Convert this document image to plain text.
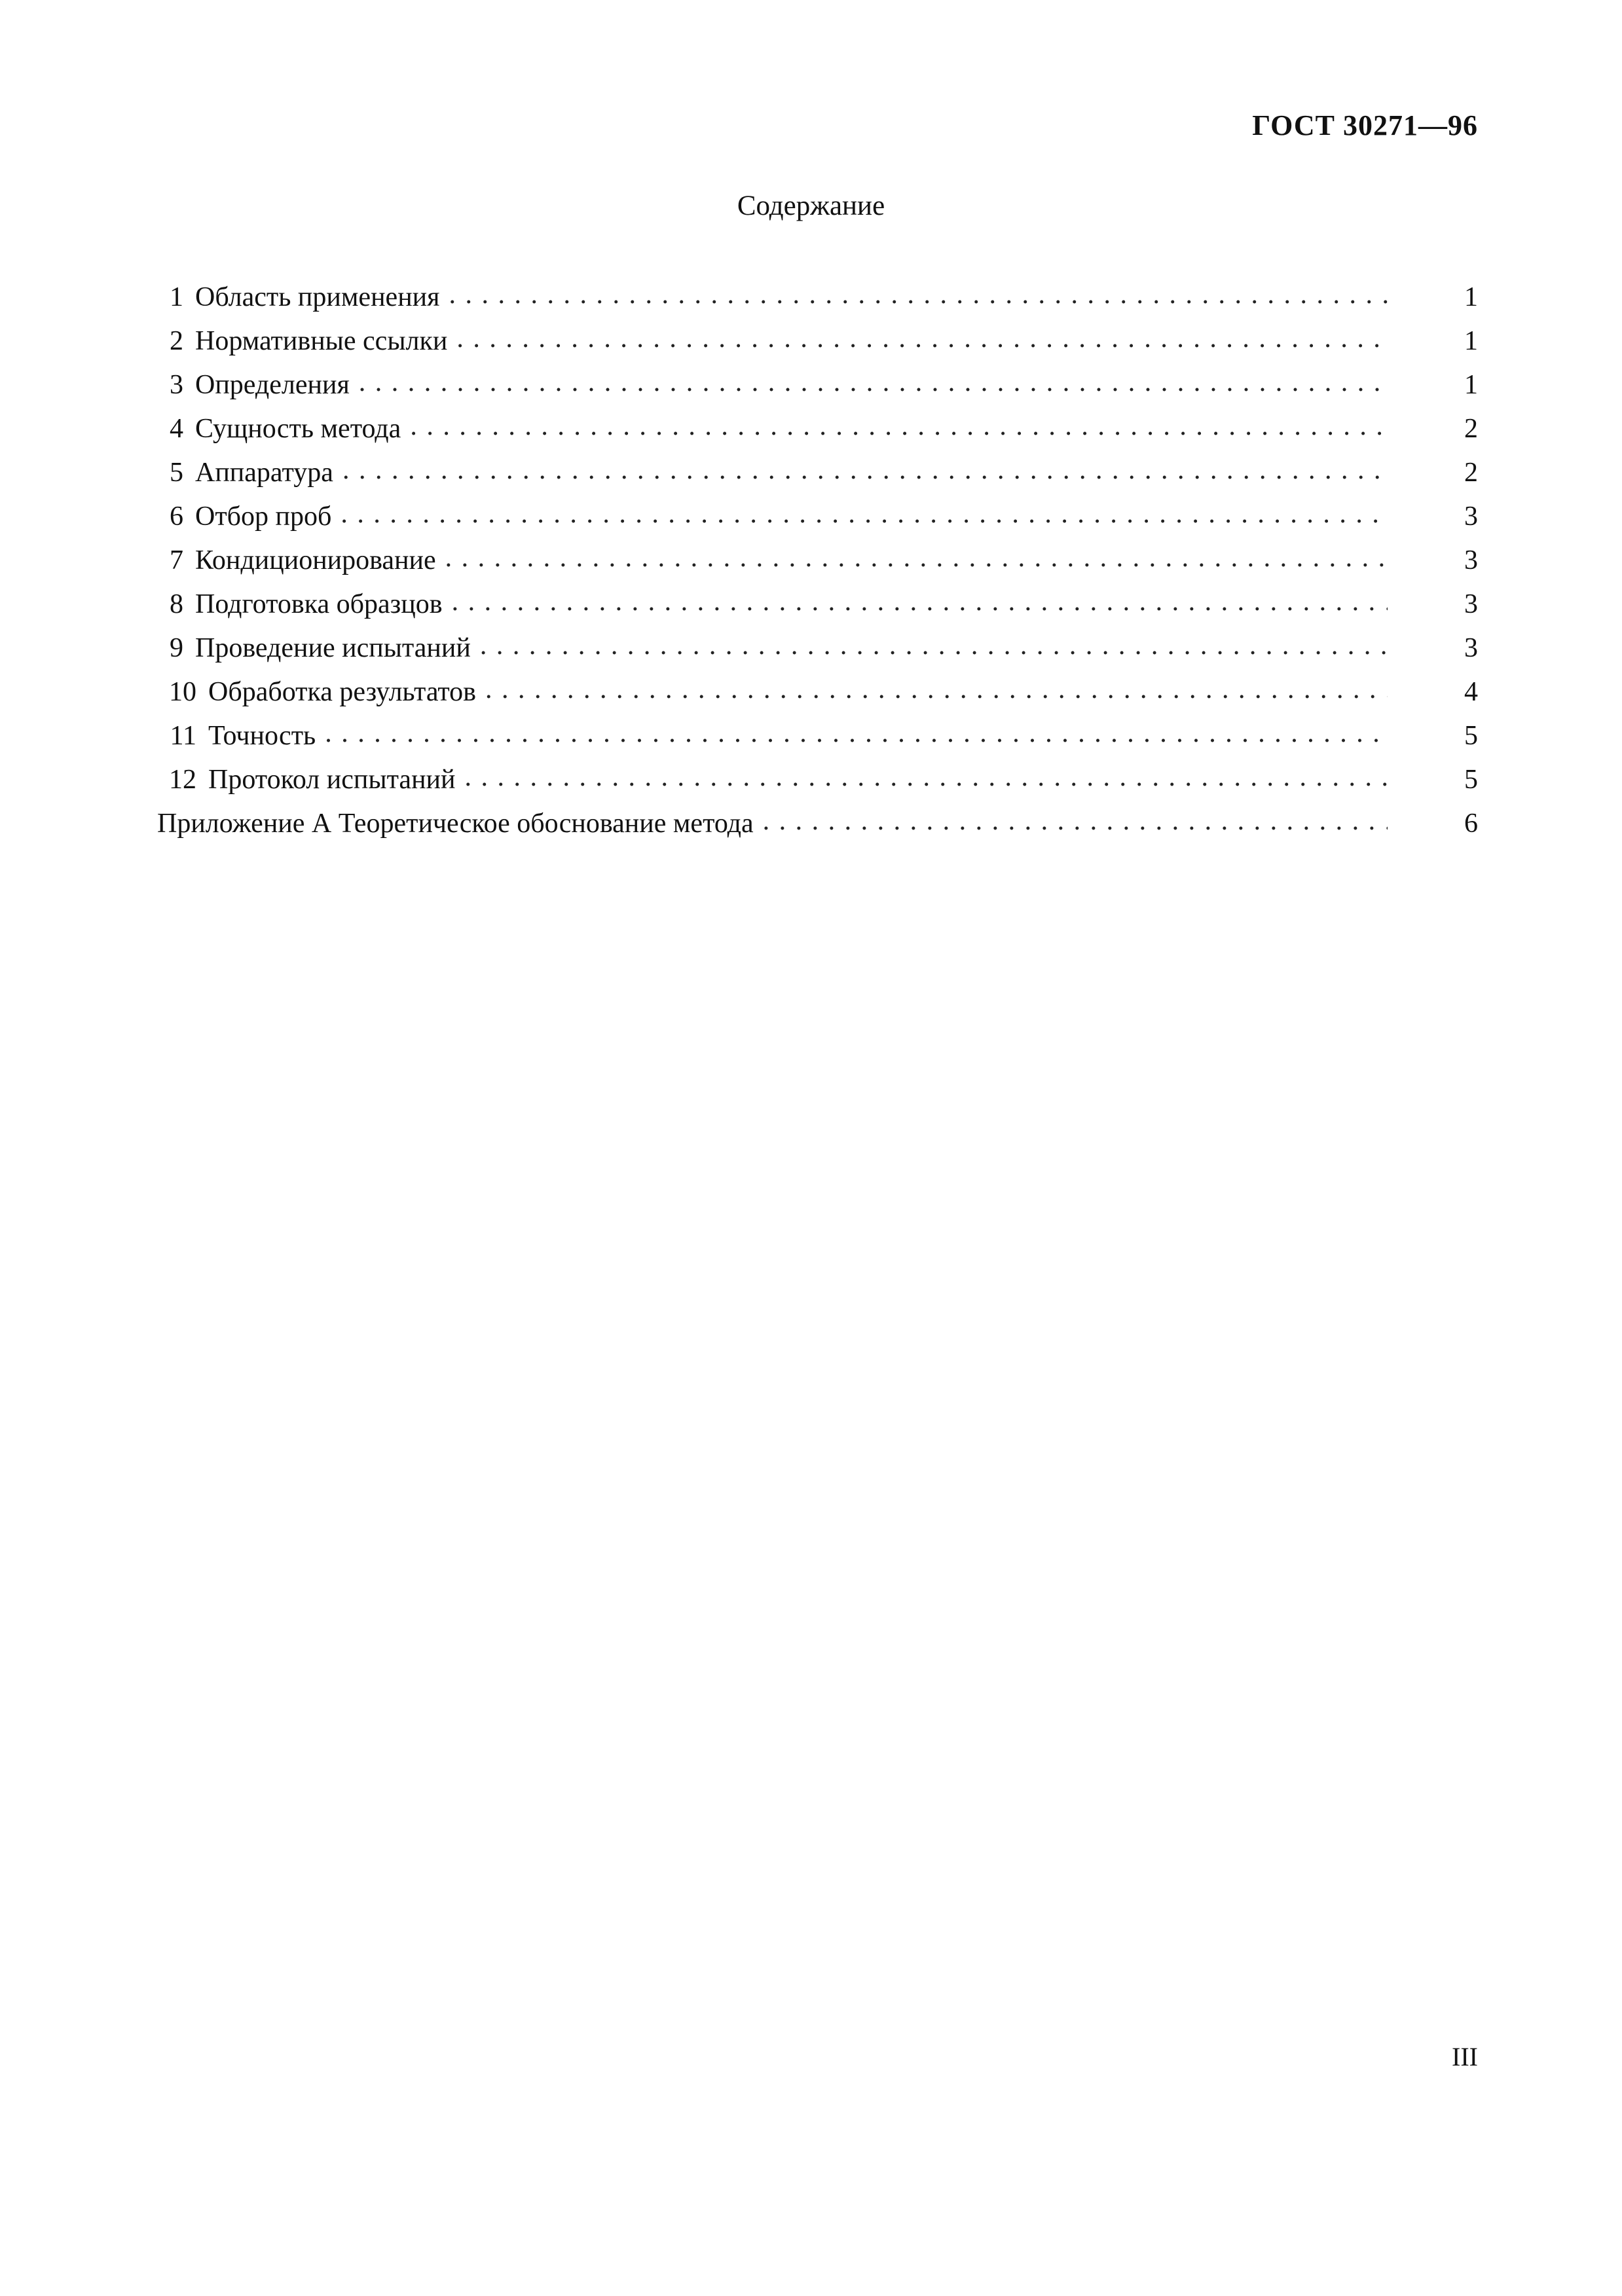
ГОСТ 30271—96
Содержание
1 Область применения . . .	1
2 Нормативные ссылки . . .	1
3 Определения . . .	1
4 Сущность метода . . .	2
5 Аппаратура . . .	2
6 Отбор проб . . .	3
7 Кондиционирование . . .	3
8 Подготовка образцов . . .	3
9 Проведение испытаний . . .	3
10 Обработка результатов . . .	4
11 Точность . . .	5
12 Протокол испытаний . . .	5
Приложение А Теоретическое обоснование метода . . .	6
III
